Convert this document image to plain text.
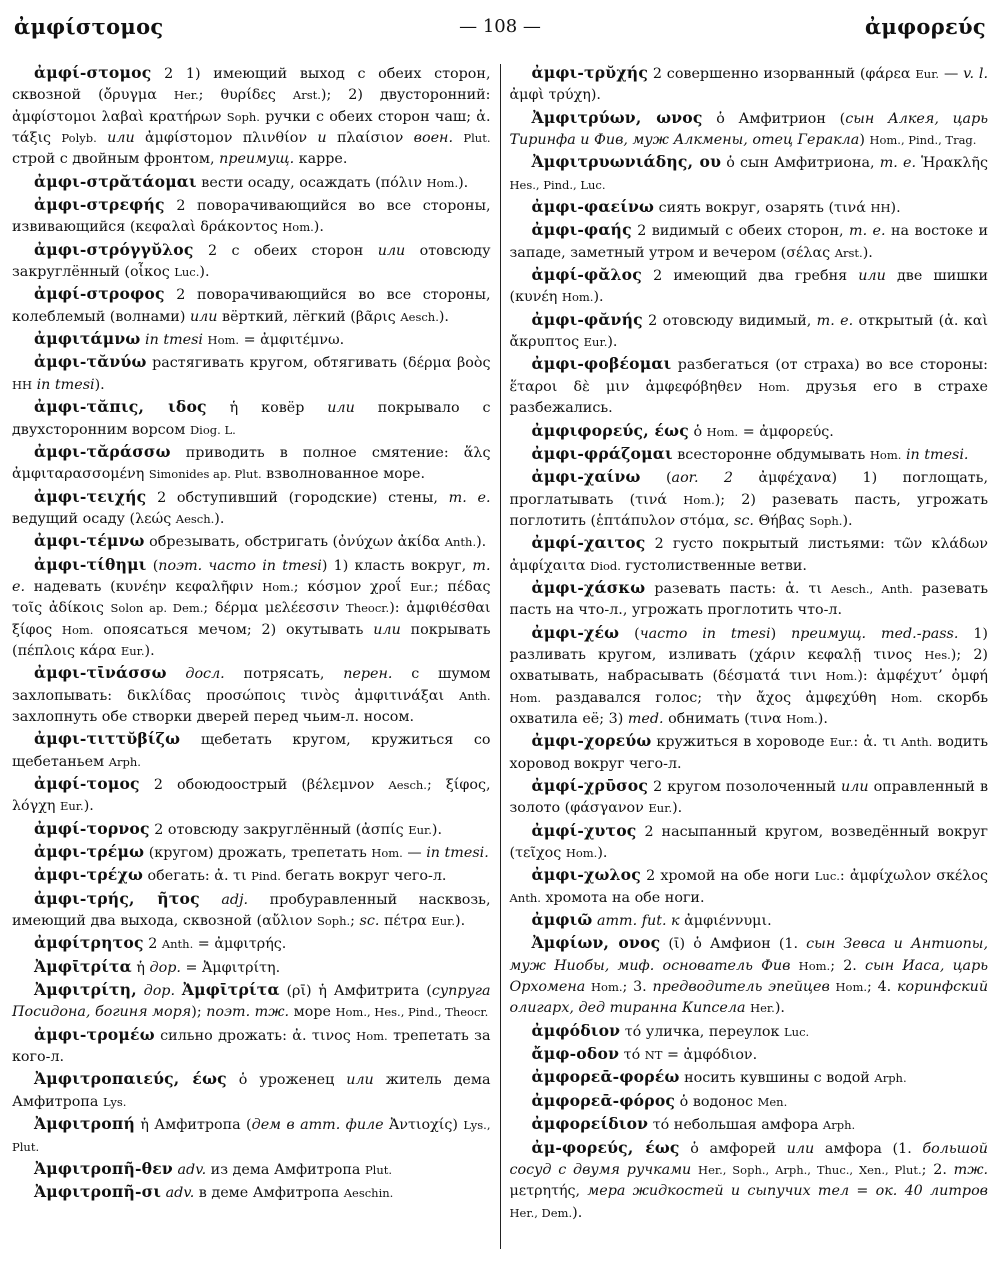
ἀμφίστομος	— 108 —	ἀμφορεύς

ἀμφί-στομος 2 1) имеющий выход с обеих сторон, сквозной (ὄρυγμα Her.; θυρίδες Arst.); 2) двусторонний: ἀμφίστομοι λαβαὶ κρατήρων Soph. ручки с обеих сторон чаш; ἀ. τάξις Polyb. или ἀμφίστομον πλινθίον и πλαίσιον воен. Plut. строй с двойным фронтом, преимущ. карре.

ἀμφι-στρᾰτάομαι вести осаду, осаждать (πόλιν Hom.).

ἀμφι-στρεφής 2 поворачивающийся во все стороны, извивающийся (κεφαλαὶ δράκοντος Hom.).

ἀμφι-στρόγγῠλος 2 с обеих сторон или отовсюду закруглённый (οἶκος Luc.).

ἀμφί-στροφος 2 поворачивающийся во все стороны, колеблемый (волнами) или вёрткий, лёгкий (βᾶρις Aesch.).

ἀμφιτάμνω in tmesi Hom. = ἀμφιτέμνω.

ἀμφι-τᾰνύω растягивать кругом, обтягивать (δέρμα βοὸς HH in tmesi).

ἀμφι-τᾰπις, ιδος ἡ ковёр или покрывало с двухсторонним ворсом Diog. L.

ἀμφι-τᾰράσσω приводить в полное смятение: ἅλς ἀμφιταρασσομένη Simonides ap. Plut. взволнованное море.

ἀμφι-τειχής 2 обступивший (городские) стены, т. е. ведущий осаду (λεώς Aesch.).

ἀμφι-τέμνω обрезывать, обстригать (ὀνύχων ἀκίδα Anth.).

ἀμφι-τίθημι (поэт. часто in tmesi) 1) класть вокруг, т. е. надевать (κυνέην κεφαλῆφιν Hom.; κόσμον χροΐ Eur.; πέδας τοῖς ἀδίκοις Solon ap. Dem.; δέρμα μελέεσσιν Theocr.): ἀμφιθέσθαι ξίφος Hom. опоясаться мечом; 2) окутывать или покрывать (πέπλοις κάρα Eur.).

ἀμφι-τῑνάσσω досл. потрясать, перен. с шумом захлопывать: δικλίδας προσώποις τινὸς ἀμφιτινάξαι Anth. захлопнуть обе створки дверей перед чьим-л. носом.

ἀμφι-τιττῠβίζω щебетать кругом, кружиться со щебетаньем Arph.

ἀμφί-τομος 2 обоюдоострый (βέλεμνον Aesch.; ξίφος, λόγχη Eur.).

ἀμφί-τορνος 2 отовсюду закруглённый (ἀσπίς Eur.).

ἀμφι-τρέμω (кругом) дрожать, трепетать Hom. — in tmesi.

ἀμφι-τρέχω обегать: ἀ. τι Pind. бегать вокруг чего-л.

ἀμφι-τρής, ῆτος adj. пробуравленный насквозь, имеющий два выхода, сквозной (αὔλιον Soph.; sc. πέτρα Eur.).

ἀμφίτρητος 2 Anth. = ἀμφιτρής.

Ἀμφῑτρίτα ἡ дор. = Ἀμφιτρίτη.

Ἀμφιτρίτη, дор. Ἀμφῑτρίτα (ρῑ) ἡ Амфитрита (супруга Посидона, богиня моря); поэт. тж. море Hom., Hes., Pind., Theocr.

ἀμφι-τρομέω сильно дрожать: ἀ. τινος Hom. трепетать за кого-л.

Ἀμφιτροπαιεύς, έως ὁ уроженец или житель дема Амфитропа Lys.

Ἀμφιτροπή ἡ Амфитропа (дем в атт. филе Ἀντιοχίς) Lys., Plut.

Ἀμφιτροπῆ-θεν adv. из дема Амфитропа Plut.

Ἀμφιτροπῆ-σι adv. в деме Амфитропа Aeschin.

ἀμφι-τρῠχής 2 совершенно изорванный (φάρεα Eur. — v. l. ἀμφὶ τρύχη).

Ἀμφιτρύων, ωνος ὁ Амфитрион (сын Алкея, царь Тиринфа и Фив, муж Алкмены, отец Геракла) Hom., Pind., Trag.

Ἀμφιτρυωνιάδης, ου ὁ сын Амфитриона, т. е. Ἡρακλῆς Hes., Pind., Luc.

ἀμφι-φαείνω сиять вокруг, озарять (τινά HH).

ἀμφι-φαής 2 видимый с обеих сторон, т. е. на востоке и западе, заметный утром и вечером (σέλας Arst.).

ἀμφί-φᾰλος 2 имеющий два гребня или две шишки (κυνέη Hom.).

ἀμφι-φᾰνής 2 отовсюду видимый, т. е. открытый (ἀ. καὶ ἄκρυπτος Eur.).

ἀμφι-φοβέομαι разбегаться (от страха) во все стороны: ἕταροι δὲ μιν ἀμφεφόβηθεν Hom. друзья его в страхе разбежались.

ἀμφιφορεύς, έως ὁ Hom. = ἀμφορεύς.

ἀμφι-φράζομαι всесторонне обдумывать Hom. in tmesi.

ἀμφι-χαίνω (aor. 2 ἀμφέχανα) 1) поглощать, проглатывать (τινά Hom.); 2) разевать пасть, угрожать поглотить (ἑπτάπυλον στόμα, sc. Θήβας Soph.).

ἀμφί-χαιτος 2 густо покрытый листьями: τῶν κλάδων ἀμφίχαιτα Diod. густолиственные ветви.

ἀμφι-χάσκω разевать пасть: ἀ. τι Aesch., Anth. разевать пасть на что-л., угрожать проглотить что-л.

ἀμφι-χέω (часто in tmesi) преимущ. med.-pass. 1) разливать кругом, изливать (χάριν κεφαλῇ τινος Hes.); 2) охватывать, набрасывать (δέσματά τινι Hom.): ἀμφέχυτ’ ὀμφή Hom. раздавался голос; τὴν ἄχος ἀμφεχύθη Hom. скорбь охватила её; 3) med. обнимать (τινα Hom.).

ἀμφι-χορεύω кружиться в хороводе Eur.: ἀ. τι Anth. водить хоровод вокруг чего-л.

ἀμφί-χρῡσος 2 кругом позолоченный или оправленный в золото (φάσγανον Eur.).

ἀμφί-χυτος 2 насыпанный кругом, возведённый вокруг (τεῖχος Hom.).

ἀμφι-χωλος 2 хромой на обе ноги Luc.: ἀμφίχωλον σκέλος Anth. хромота на обе ноги.

ἀμφιῶ атт. fut. к ἀμφιέννυμι.

Ἀμφίων, ονος (ῑ) ὁ Амфион (1. сын Зевса и Антиопы, муж Ниобы, миф. основатель Фив Hom.; 2. сын Иаса, царь Орхомена Hom.; 3. предводитель эпейцев Hom.; 4. коринфский олигарх, дед тиранна Кипсела Her.).

ἀμφόδιον τό уличка, переулок Luc.

ἄμφ-οδον τό NT = ἀμφόδιον.

ἀμφορεᾱ-φορέω носить кувшины с водой Arph.

ἀμφορεᾱ-φόρος ὁ водонос Men.

ἀμφορείδιον τό небольшая амфора Arph.

ἀμ-φορεύς, έως ὁ амфорей или амфора (1. большой сосуд с двумя ручками Her., Soph., Arph., Thuc., Xen., Plut.; 2. тж. μετρητής, мера жидкостей и сыпучих тел = ок. 40 литров Her., Dem.).
